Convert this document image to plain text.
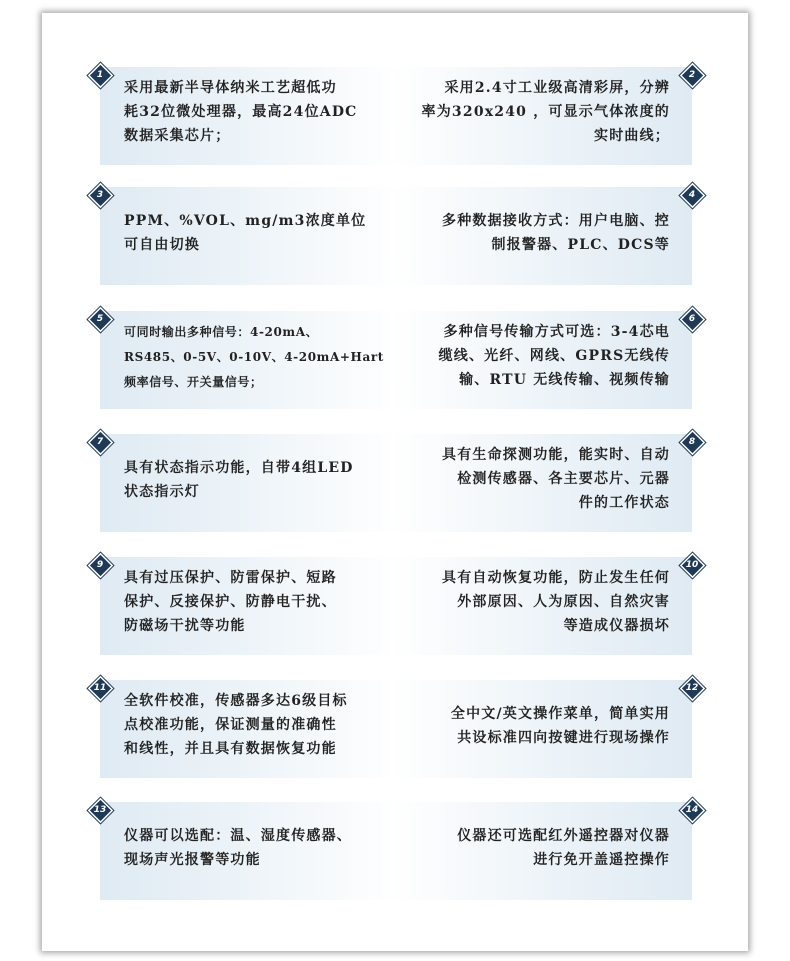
采用最新半导体纳米工艺超低功
耗32位微处理器，最高24位ADC
数据采集芯片；
1
采用2.4寸工业级高清彩屏，分辨
率为320x240 ，可显示气体浓度的
实时曲线；
2
PPM、%VOL、mg/m3浓度单位
可自由切换
3
多种数据接收方式：用户电脑、控
制报警器、PLC、DCS等
4
可同时输出多种信号：4-20mA、
RS485、0-5V、0-10V、4-20mA+Hart
频率信号、开关量信号；
5
多种信号传输方式可选：3-4芯电
缆线、光纤、网线、GPRS无线传
输、RTU 无线传输、视频传输
6
具有状态指示功能，自带4组LED
状态指示灯
7
具有生命探测功能，能实时、自动
检测传感器、各主要芯片、元器
件的工作状态
8
具有过压保护、防雷保护、短路
保护、反接保护、防静电干扰、
防磁场干扰等功能
9
具有自动恢复功能，防止发生任何
外部原因、人为原因、自然灾害
等造成仪器损坏
10
全软件校准，传感器多达6级目标
点校准功能，保证测量的准确性
和线性，并且具有数据恢复功能
11
全中文/英文操作菜单，简单实用
共设标准四向按键进行现场操作
12
仪器可以选配：温、湿度传感器、
现场声光报警等功能
13
仪器还可选配红外遥控器对仪器
进行免开盖遥控操作
14
